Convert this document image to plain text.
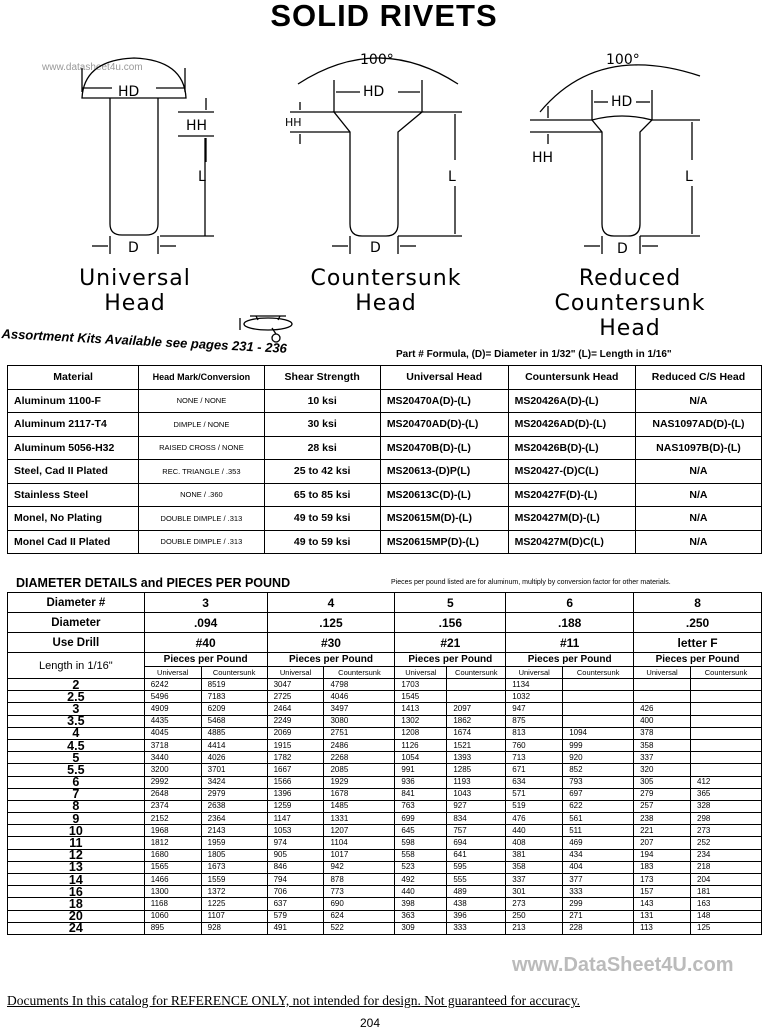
SOLID RIVETS
www.datasheet4u.com
HD
HH
L
D
HD
HH
L
D
100°
HD
HH
L
D
100°
Universal
Head
Countersunk
Head
Reduced
Countersunk
Head
Assortment Kits Available see pages 231 - 236	Part # Formula, (D)= Diameter in 1/32" (L)= Length in 1/16"
Material	Head Mark/Conversion	Shear Strength	Universal Head	Countersunk Head	Reduced C/S Head
Aluminum 1100-F	NONE / NONE	10 ksi	MS20470A(D)-(L)	MS20426A(D)-(L)	N/A
Aluminum 2117-T4	DIMPLE / NONE	30 ksi	MS20470AD(D)-(L)	MS20426AD(D)-(L)	NAS1097AD(D)-(L)
Aluminum 5056-H32	RAISED CROSS / NONE	28 ksi	MS20470B(D)-(L)	MS20426B(D)-(L)	NAS1097B(D)-(L)
Steel, Cad II Plated	REC. TRIANGLE / .353	25 to 42 ksi	MS20613-(D)P(L)	MS20427-(D)C(L)	N/A
Stainless Steel	NONE / .360	65 to 85 ksi	MS20613C(D)-(L)	MS20427F(D)-(L)	N/A
Monel, No Plating	DOUBLE DIMPLE / .313	49 to 59 ksi	MS20615M(D)-(L)	MS20427M(D)-(L)	N/A
Monel Cad II Plated	DOUBLE DIMPLE / .313	49 to 59 ksi	MS20615MP(D)-(L)	MS20427M(D)C(L)	N/A
DIAMETER DETAILS and PIECES PER POUND	Pieces per pound listed are for aluminum, multiply by conversion factor for other materials.
Diameter #	3		4		5		6		8	
Diameter	.094		.125		.156		.188		.250	
Use Drill	#40		#30		#21		#11		letter F	
Length in 1/16"	Pieces per Pound		Pieces per Pound		Pieces per Pound		Pieces per Pound		Pieces per Pound	
	Universal	Countersunk	Universal	Countersunk	Universal	Countersunk	Universal	Countersunk	Universal	Countersunk
2	6242	8519	3047	4798	1703		1134			
2.5	5496	7183	2725	4046	1545		1032			
3	4909	6209	2464	3497	1413	2097	947		426	
3.5	4435	5468	2249	3080	1302	1862	875		400	
4	4045	4885	2069	2751	1208	1674	813	1094	378	
4.5	3718	4414	1915	2486	1126	1521	760	999	358	
5	3440	4026	1782	2268	1054	1393	713	920	337	
5.5	3200	3701	1667	2085	991	1285	671	852	320	
6	2992	3424	1566	1929	936	1193	634	793	305	412
7	2648	2979	1396	1678	841	1043	571	697	279	365
8	2374	2638	1259	1485	763	927	519	622	257	328
9	2152	2364	1147	1331	699	834	476	561	238	298
10	1968	2143	1053	1207	645	757	440	511	221	273
11	1812	1959	974	1104	598	694	408	469	207	252
12	1680	1805	905	1017	558	641	381	434	194	234
13	1565	1673	846	942	523	595	358	404	183	218
14	1466	1559	794	878	492	555	337	377	173	204
16	1300	1372	706	773	440	489	301	333	157	181
18	1168	1225	637	690	398	438	273	299	143	163
20	1060	1107	579	624	363	396	250	271	131	148
24	895	928	491	522	309	333	213	228	113	125
www.DataSheet4U.com
Documents In this catalog for REFERENCE ONLY, not intended for design. Not guaranteed for accuracy.
204
